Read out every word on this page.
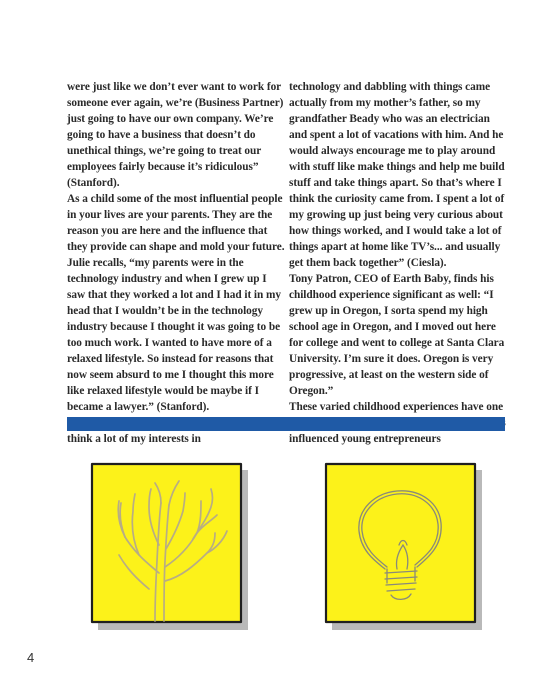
were just like we don’t ever want to work for someone ever again, we’re (Business Partner) just going to have our own company. We’re going to have a business that doesn’t do unethical things, we’re going to treat our employees fairly because it’s ridiculous” (Stanford).

As a child some of the most influential people in your lives are your parents. They are the reason you are here and the influence that they provide can shape and mold your future. Julie recalls, “my parents were in the technology industry and when I grew up I saw that they worked a lot and I had it in my head that I wouldn’t be in the technology industry because I thought it was going to be too much work. I wanted to have more of a relaxed lifestyle. So instead for reasons that now seem absurd to me I thought this more like relaxed lifestyle would be maybe if I became a lawyer.” (Stanford).

think a lot of my interests in

technology and dabbling with things came actually from my mother’s father, so my grandfather Beady who was an electrician and spent a lot of vacations with him. And he would always encourage me to play around with stuff like make things and help me build stuff and take things apart. So that’s where I think the curiosity came from. I spent a lot of my growing up just being very curious about how things worked, and I would take a lot of things apart at home like TV’s... and usually get them back together” (Ciesla).

Tony Patron, CEO of Earth Baby, finds his childhood experience significant as well: “I grew up in Oregon, I sorta spend my high school age in Oregon, and I moved out here for college and went to college at Santa Clara University. I’m sure it does. Oregon is very progressive, at least on the western side of Oregon.”

These varied childhood experiences have one influenced young entrepreneurs

4
